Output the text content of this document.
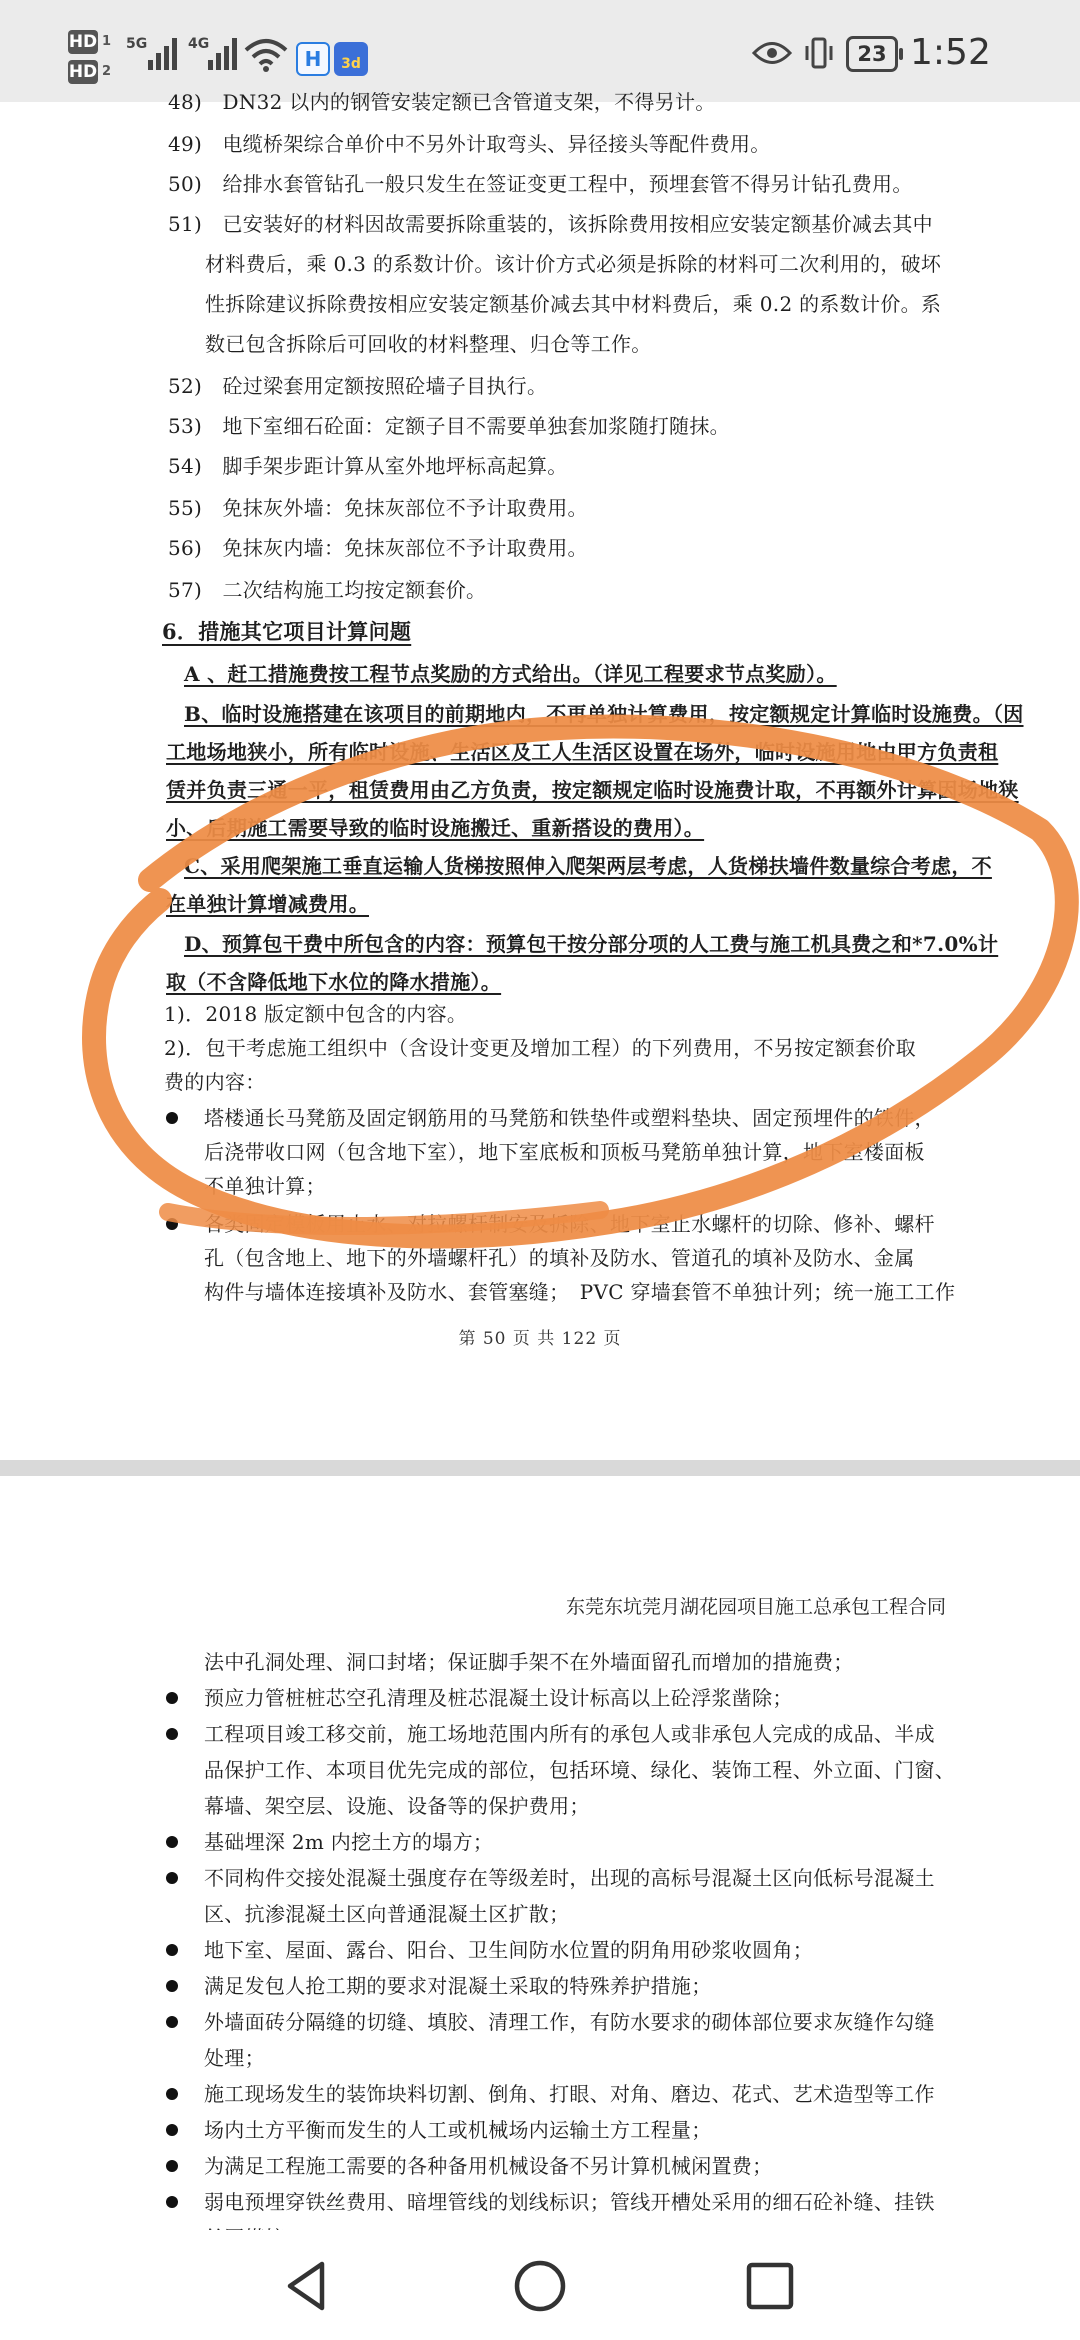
HD 1
HD 2
5G	4G
H	3d	23 1:52
48)　DN32 以内的钢管安装定额已含管道支架，不得另计。
49)　电缆桥架综合单价中不另外计取弯头、异径接头等配件费用。
50)　给排水套管钻孔一般只发生在签证变更工程中，预埋套管不得另计钻孔费用。
51)　已安装好的材料因故需要拆除重装的，该拆除费用按相应安装定额基价减去其中
材料费后，乘 0.3 的系数计价。该计价方式必须是拆除的材料可二次利用的，破坏
性拆除建议拆除费按相应安装定额基价减去其中材料费后，乘 0.2 的系数计价。系
数已包含拆除后可回收的材料整理、归仓等工作。
52)　砼过梁套用定额按照砼墙子目执行。
53)　地下室细石砼面：定额子目不需要单独套加浆随打随抹。
54)　脚手架步距计算从室外地坪标高起算。
55)　免抹灰外墙：免抹灰部位不予计取费用。
56)　免抹灰内墙：免抹灰部位不予计取费用。
57)　二次结构施工均按定额套价。
6．措施其它项目计算问题
A 、赶工措施费按工程节点奖励的方式给出。（详见工程要求节点奖励）。
B、临时设施搭建在该项目的前期地内，不再单独计算费用，按定额规定计算临时设施费。（因
工地场地狭小，所有临时设施、生活区及工人生活区设置在场外，临时设施用地由甲方负责租
赁并负责三通一平，租赁费用由乙方负责，按定额规定临时设施费计取，不再额外计算因场地狭
小、后期施工需要导致的临时设施搬迁、重新搭设的费用）。
C、采用爬架施工垂直运输人货梯按照伸入爬架两层考虑，人货梯扶墙件数量综合考虑，不
在单独计算增减费用。
D、预算包干费中所包含的内容：预算包干按分部分项的人工费与施工机具费之和*7.0%计
取（不含降低地下水位的降水措施）。
1)．2018 版定额中包含的内容。
2)．包干考虑施工组织中（含设计变更及增加工程）的下列费用，不另按定额套价取
费的内容：
塔楼通长马凳筋及固定钢筋用的马凳筋和铁垫件或塑料垫块、固定预埋件的铁件，
后浇带收口网（包含地下室），地下室底板和顶板马凳筋单独计算，地下室楼面板
不单独计算；
各类固定模板用止水、对拉螺杆制安及拆除、地下室止水螺杆的切除、修补、螺杆
孔（包含地上、地下的外墙螺杆孔）的填补及防水、管道孔的填补及防水、金属
构件与墙体连接填补及防水、套管塞缝；　PVC 穿墙套管不单独计列；统一施工工作
法中孔洞处理、洞口封堵；保证脚手架不在外墙面留孔而增加的措施费；
预应力管桩桩芯空孔清理及桩芯混凝土设计标高以上砼浮浆凿除；
工程项目竣工移交前，施工场地范围内所有的承包人或非承包人完成的成品、半成
品保护工作、本项目优先完成的部位，包括环境、绿化、装饰工程、外立面、门窗、
幕墙、架空层、设施、设备等的保护费用；
基础埋深 2m 内挖土方的塌方；
不同构件交接处混凝土强度存在等级差时，出现的高标号混凝土区向低标号混凝土
区、抗渗混凝土区向普通混凝土区扩散；
地下室、屋面、露台、阳台、卫生间防水位置的阴角用砂浆收圆角；
满足发包人抢工期的要求对混凝土采取的特殊养护措施；
外墙面砖分隔缝的切缝、填胶、清理工作，有防水要求的砌体部位要求灰缝作勾缝
处理；
施工现场发生的装饰块料切割、倒角、打眼、对角、磨边、花式、艺术造型等工作
场内土方平衡而发生的人工或机械场内运输土方工程量；
为满足工程施工需要的各种备用机械设备不另计算机械闲置费；
弱电预埋穿铁丝费用、暗埋管线的划线标识；管线开槽处采用的细石砼补缝、挂铁
第 50 页 共 122 页
东莞东坑莞月湖花园项目施工总承包工程合同
